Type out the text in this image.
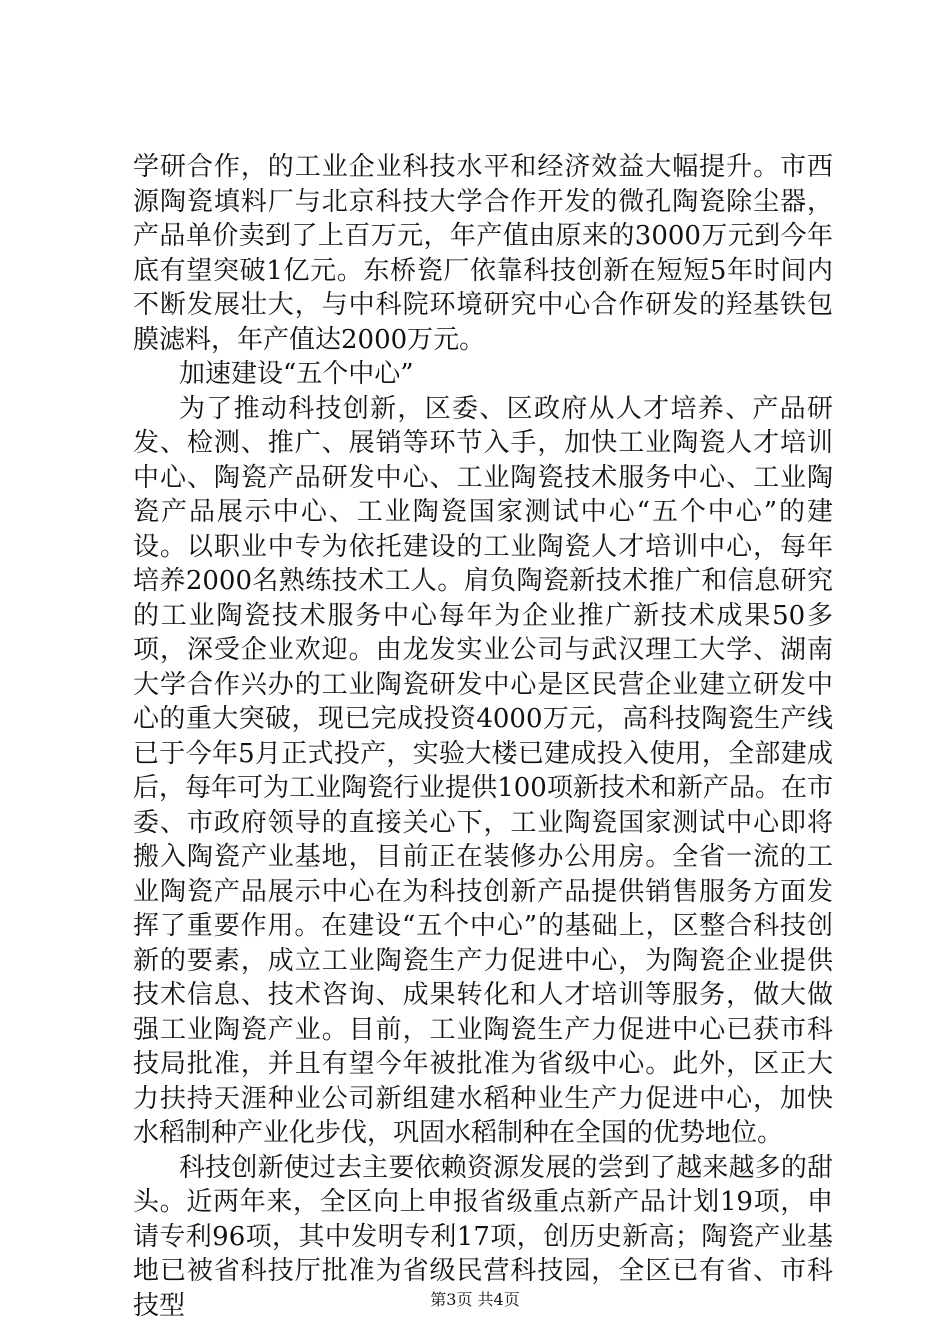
学研合作，的工业企业科技水平和经济效益大幅提升。市西源陶瓷填料厂与北京科技大学合作开发的微孔陶瓷除尘器，产品单价卖到了上百万元，年产值由原来的3000万元到今年底有望突破1亿元。东桥瓷厂依靠科技创新在短短5年时间内不断发展壮大，与中科院环境研究中心合作研发的羟基铁包膜滤料，年产值达2000万元。

加速建设“五个中心”

为了推动科技创新，区委、区政府从人才培养、产品研发、检测、推广、展销等环节入手，加快工业陶瓷人才培训中心、陶瓷产品研发中心、工业陶瓷技术服务中心、工业陶瓷产品展示中心、工业陶瓷国家测试中心“五个中心”的建设。以职业中专为依托建设的工业陶瓷人才培训中心，每年培养2000名熟练技术工人。肩负陶瓷新技术推广和信息研究的工业陶瓷技术服务中心每年为企业推广新技术成果50多项，深受企业欢迎。由龙发实业公司与武汉理工大学、湖南大学合作兴办的工业陶瓷研发中心是区民营企业建立研发中心的重大突破，现已完成投资4000万元，高科技陶瓷生产线已于今年5月正式投产，实验大楼已建成投入使用，全部建成后，每年可为工业陶瓷行业提供100项新技术和新产品。在市委、市政府领导的直接关心下，工业陶瓷国家测试中心即将搬入陶瓷产业基地，目前正在装修办公用房。全省一流的工业陶瓷产品展示中心在为科技创新产品提供销售服务方面发挥了重要作用。在建设“五个中心”的基础上，区整合科技创新的要素，成立工业陶瓷生产力促进中心，为陶瓷企业提供技术信息、技术咨询、成果转化和人才培训等服务，做大做强工业陶瓷产业。目前，工业陶瓷生产力促进中心已获市科技局批准，并且有望今年被批准为省级中心。此外，区正大力扶持天涯种业公司新组建水稻种业生产力促进中心，加快水稻制种产业化步伐，巩固水稻制种在全国的优势地位。

科技创新使过去主要依赖资源发展的尝到了越来越多的甜头。近两年来，全区向上申报省级重点新产品计划19项，申请专利96项，其中发明专利17项，创历史新高；陶瓷产业基地已被省科技厅批准为省级民营科技园，全区已有省、市科技型	第3页 共4页
